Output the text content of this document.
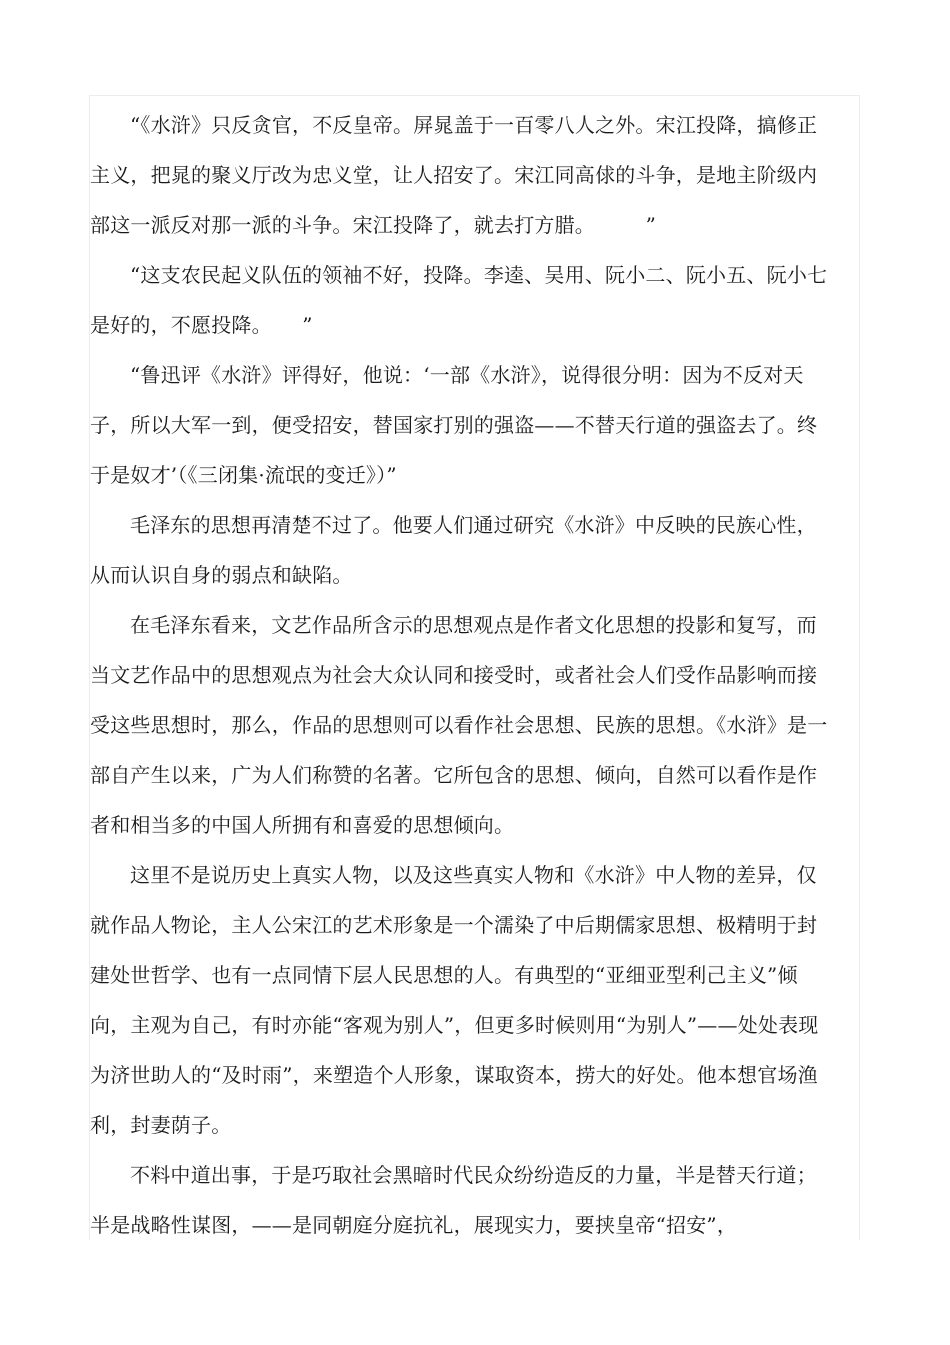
“《水浒》只反贪官，不反皇帝。屏晁盖于一百零八人之外。宋江投降，搞修正主义，把晁的聚义厅改为忠义堂，让人招安了。宋江同高俅的斗争，是地主阶级内部这一派反对那一派的斗争。宋江投降了，就去打方腊。　　　”

“这支农民起义队伍的领袖不好，投降。李逵、吴用、阮小二、阮小五、阮小七是好的，不愿投降。　　”

“鲁迅评《水浒》评得好，他说：‘一部《水浒》，说得很分明：因为不反对天子，所以大军一到，便受招安，替国家打别的强盗——不替天行道的强盗去了。终于是奴才’（《三闭集·流氓的变迁》）”

毛泽东的思想再清楚不过了。他要人们通过研究《水浒》中反映的民族心性，从而认识自身的弱点和缺陷。

在毛泽东看来，文艺作品所含示的思想观点是作者文化思想的投影和复写，而当文艺作品中的思想观点为社会大众认同和接受时，或者社会人们受作品影响而接受这些思想时，那么，作品的思想则可以看作社会思想、民族的思想。《水浒》是一部自产生以来，广为人们称赞的名著。它所包含的思想、倾向，自然可以看作是作者和相当多的中国人所拥有和喜爱的思想倾向。

这里不是说历史上真实人物，以及这些真实人物和《水浒》中人物的差异，仅就作品人物论，主人公宋江的艺术形象是一个濡染了中后期儒家思想、极精明于封建处世哲学、也有一点同情下层人民思想的人。有典型的“亚细亚型利己主义”倾向，主观为自己，有时亦能“客观为别人”，但更多时候则用“为别人”——处处表现为济世助人的“及时雨”，来塑造个人形象，谋取资本，捞大的好处。他本想官场渔利，封妻荫子。

不料中道出事，于是巧取社会黑暗时代民众纷纷造反的力量，半是替天行道；半是战略性谋图，——是同朝庭分庭抗礼，展现实力，要挟皇帝“招安”，
